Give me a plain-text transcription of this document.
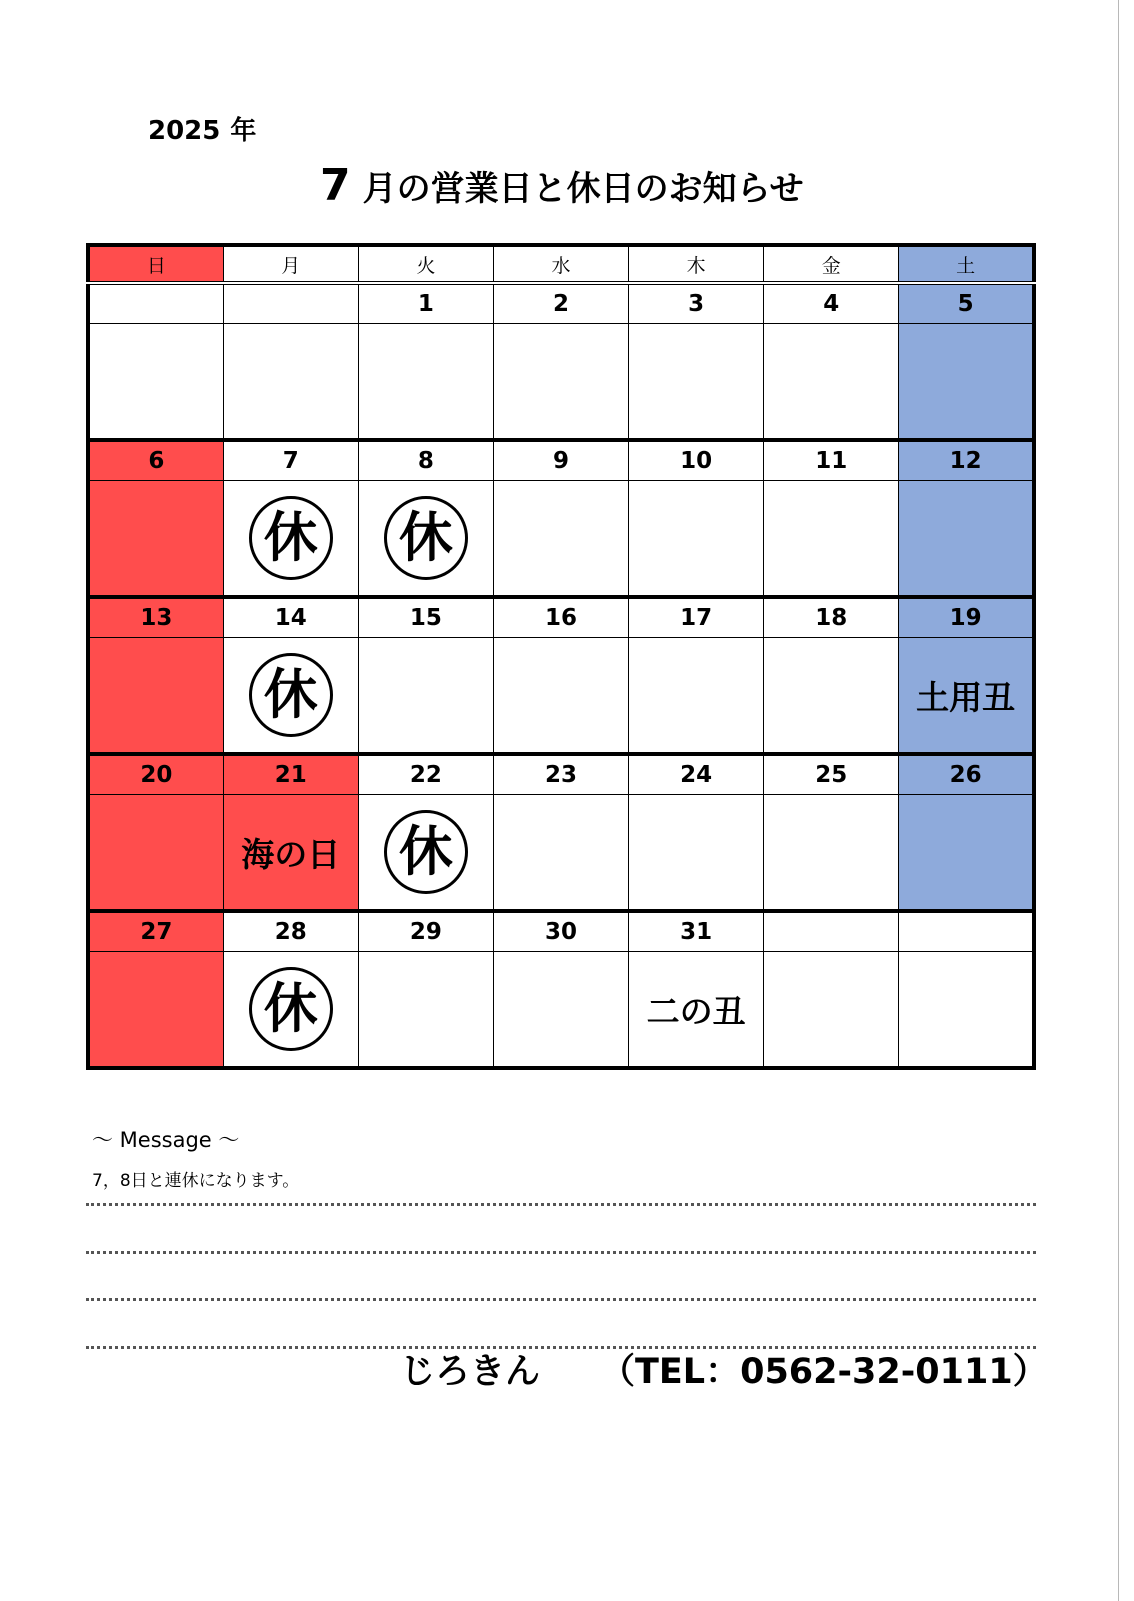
2025 年
7 月の営業日と休日のお知らせ
日	月	火	水	木	金	土
		1	2	3	4	5

6	7	8	9	10	11	12
	休	休				
13	14	15	16	17	18	19
	休					土用丑
20	21	22	23	24	25	26
	海の日	休				
27	28	29	30	31		
	休			二の丑		
～ Message ～
7，8日と連休になります。
じろきん （TEL：0562-32-0111）
